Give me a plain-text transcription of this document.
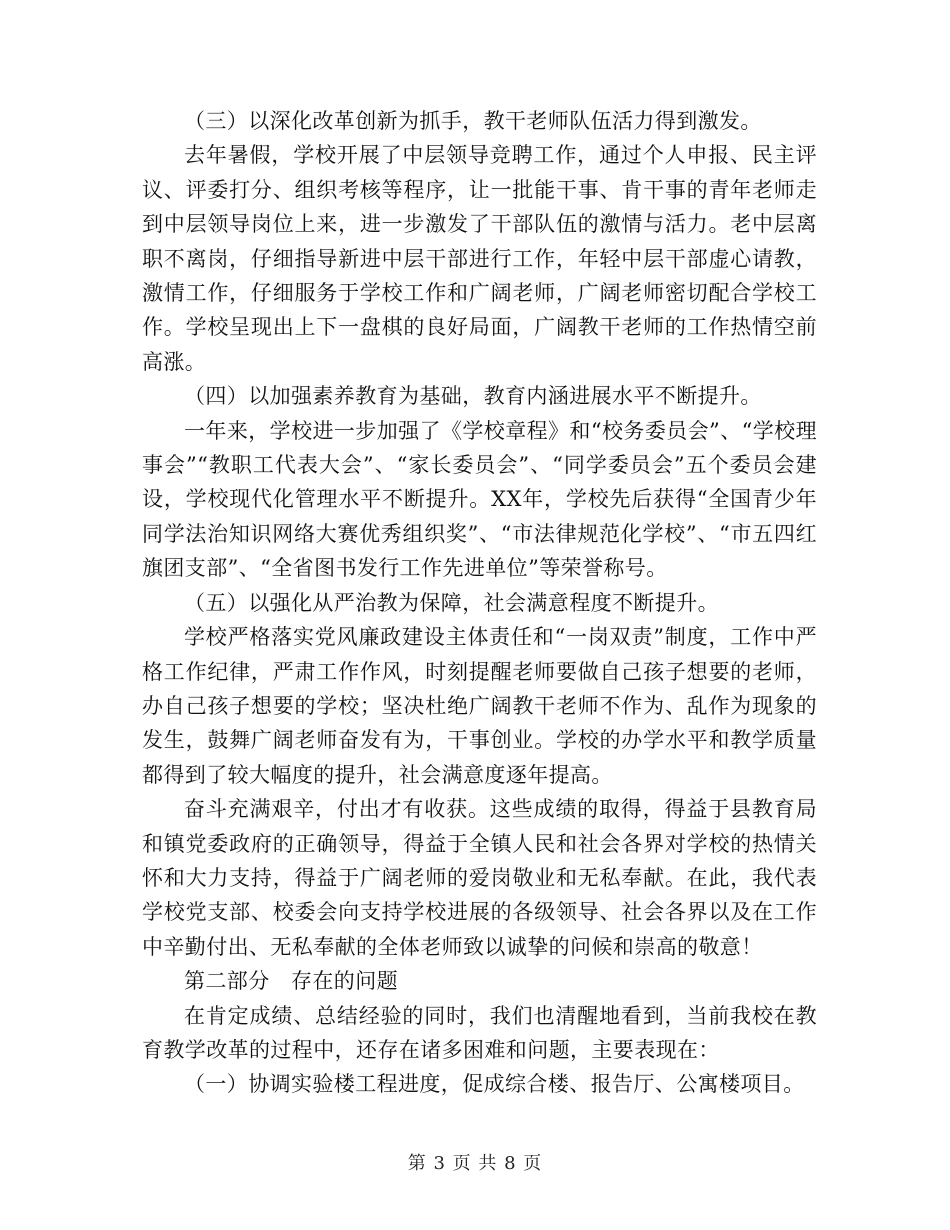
（三）以深化改革创新为抓手，教干老师队伍活力得到激发。

去年暑假，学校开展了中层领导竞聘工作，通过个人申报、民主评议、评委打分、组织考核等程序，让一批能干事、肯干事的青年老师走到中层领导岗位上来，进一步激发了干部队伍的激情与活力。老中层离职不离岗，仔细指导新进中层干部进行工作，年轻中层干部虚心请教，激情工作，仔细服务于学校工作和广阔老师，广阔老师密切配合学校工作。学校呈现出上下一盘棋的良好局面，广阔教干老师的工作热情空前高涨。

（四）以加强素养教育为基础，教育内涵进展水平不断提升。

一年来，学校进一步加强了《学校章程》和“校务委员会”、“学校理事会”“教职工代表大会”、“家长委员会”、“同学委员会”五个委员会建设，学校现代化管理水平不断提升。XX年，学校先后获得“全国青少年同学法治知识网络大赛优秀组织奖”、“市法律规范化学校”、“市五四红旗团支部”、“全省图书发行工作先进单位”等荣誉称号。

（五）以强化从严治教为保障，社会满意程度不断提升。

学校严格落实党风廉政建设主体责任和“一岗双责”制度，工作中严格工作纪律，严肃工作作风，时刻提醒老师要做自己孩子想要的老师，办自己孩子想要的学校；坚决杜绝广阔教干老师不作为、乱作为现象的发生，鼓舞广阔老师奋发有为，干事创业。学校的办学水平和教学质量都得到了较大幅度的提升，社会满意度逐年提高。

奋斗充满艰辛，付出才有收获。这些成绩的取得，得益于县教育局和镇党委政府的正确领导，得益于全镇人民和社会各界对学校的热情关怀和大力支持，得益于广阔老师的爱岗敬业和无私奉献。在此，我代表学校党支部、校委会向支持学校进展的各级领导、社会各界以及在工作中辛勤付出、无私奉献的全体老师致以诚挚的问候和崇高的敬意！

第二部分　存在的问题

在肯定成绩、总结经验的同时，我们也清醒地看到，当前我校在教育教学改革的过程中，还存在诸多困难和问题，主要表现在：

（一）协调实验楼工程进度，促成综合楼、报告厅、公寓楼项目。

第 3 页 共 8 页
